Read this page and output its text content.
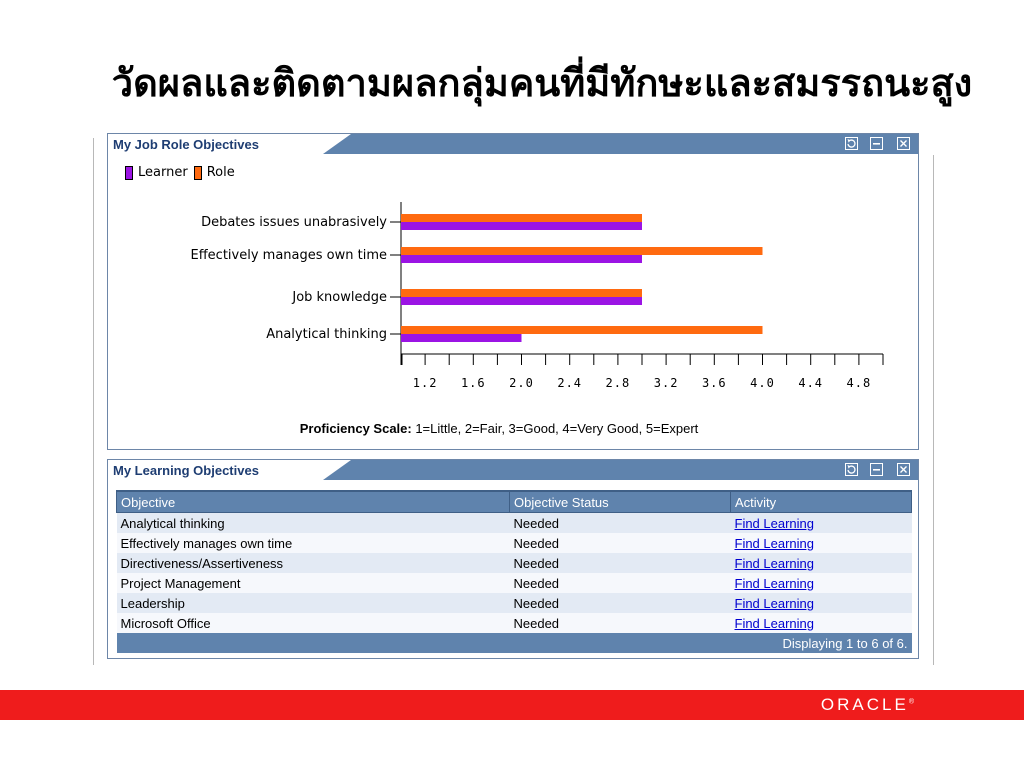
วัดผลและติดตามผลกลุ่มคนที่มีทักษะและสมรรถนะสูง
My Job Role Objectives
Learner Role
Debates issues unabrasively
Effectively manages own time
Job knowledge
Analytical thinking
1.2 1.6 2.0 2.4 2.8 3.2 3.6 4.0 4.4 4.8
Proficiency Scale: 1=Little, 2=Fair, 3=Good, 4=Very Good, 5=Expert
My Learning Objectives
Objective	Objective Status	Activity
Analytical thinking	Needed	Find Learning
Effectively manages own time	Needed	Find Learning
Directiveness/Assertiveness	Needed	Find Learning
Project Management	Needed	Find Learning
Leadership	Needed	Find Learning
Microsoft Office	Needed	Find Learning
Displaying 1 to 6 of 6.		
ORACLE®
